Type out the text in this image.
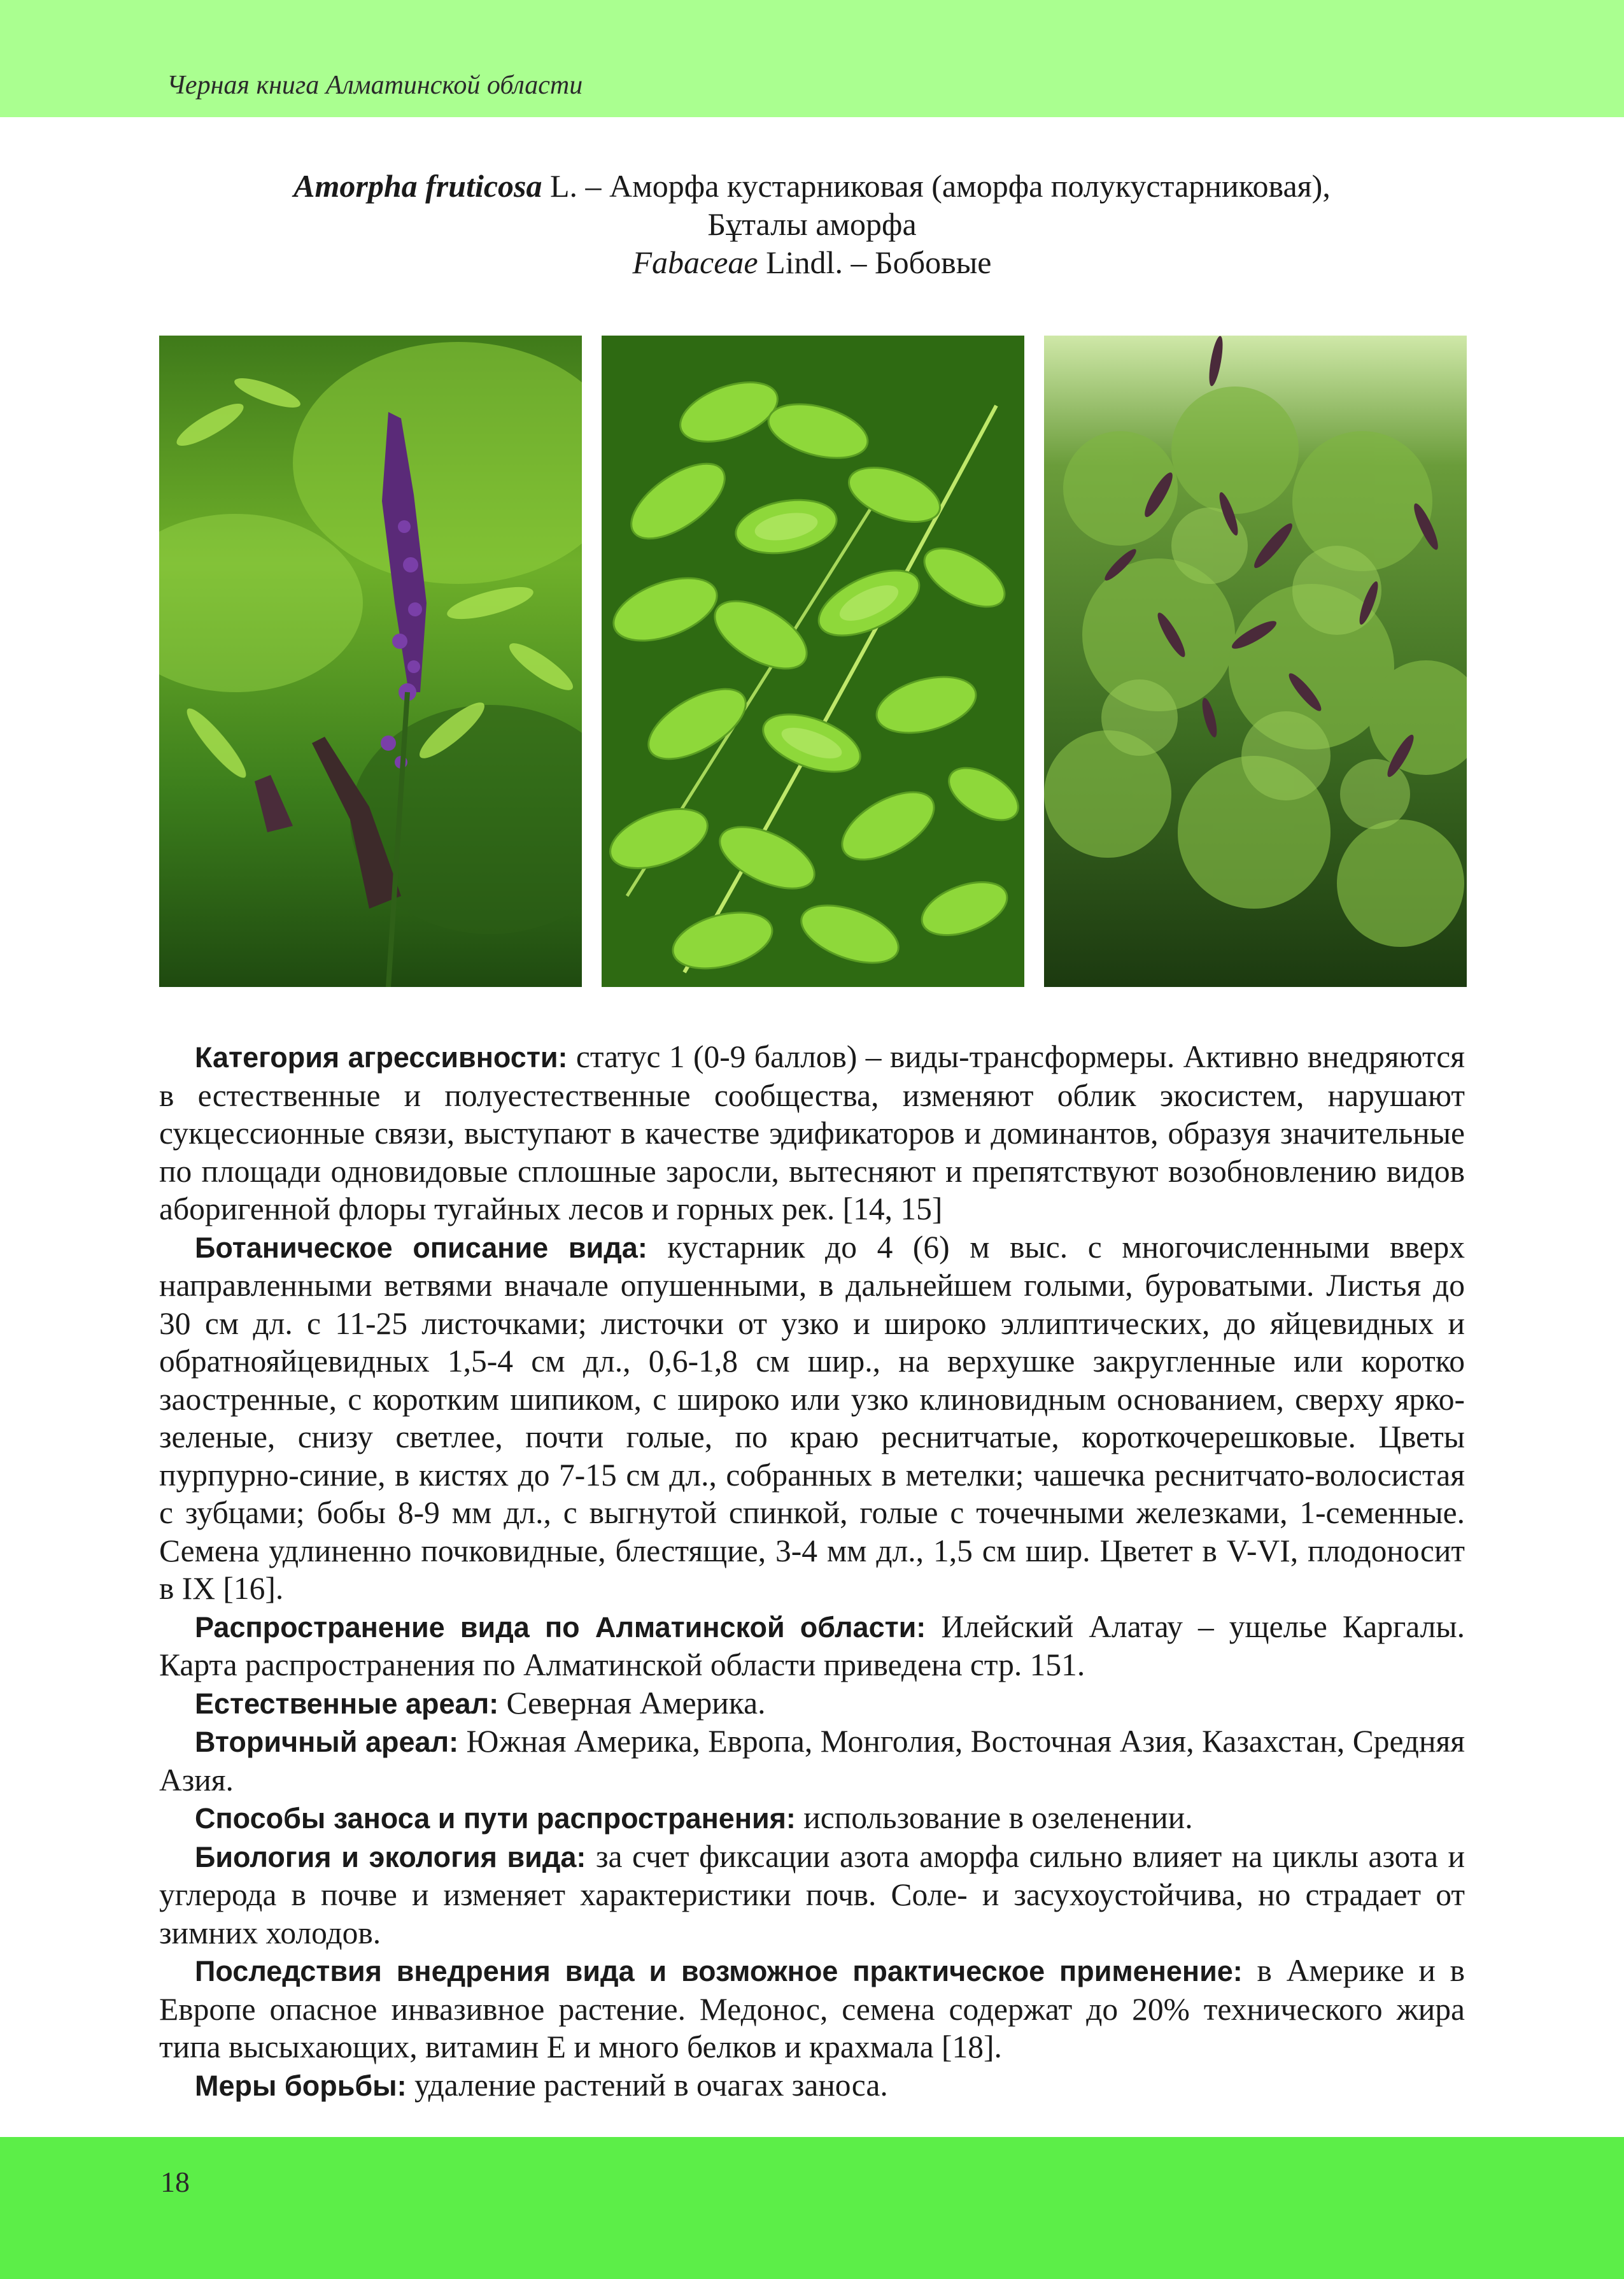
Черная книга Алматинской области
Amorpha fruticosa L. – Аморфа кустарниковая (аморфа полукустарниковая),
Бұталы аморфа
Fabaceae Lindl. – Бобовые

Категория агрессивности: статус 1 (0-9 баллов) – виды-трансформеры. Активно внедряются в естественные и полуестественные сообщества, изменяют облик экосистем, нарушают сукцессионные связи, выступают в качестве эдификаторов и доминантов, образуя значительные по площади одновидовые сплошные заросли, вытесняют и препятствуют возобновлению видов аборигенной флоры тугайных лесов и горных рек. [14, 15]

Ботаническое описание вида: кустарник до 4 (6) м выс. с многочисленными вверх направленными ветвями вначале опушенными, в дальнейшем голыми, буроватыми. Листья до 30 см дл. с 11-25 листочками; листочки от узко и широко эллиптических, до яйцевидных и обратнояйцевидных 1,5-4 см дл., 0,6-1,8 см шир., на верхушке закругленные или коротко заостренные, с коротким шипиком, с широко или узко клиновидным основанием, сверху ярко-зеленые, снизу светлее, почти голые, по краю реснитчатые, короткочерешковые. Цветы пурпурно-синие, в кистях до 7-15 см дл., собранных в метелки; чашечка реснитчато-волосистая с зубцами; бобы 8-9 мм дл., с выгнутой спинкой, голые с точечными железками, 1-семенные. Семена удлиненно почковидные, блестящие, 3-4 мм дл., 1,5 см шир. Цветет в V-VI, плодоносит в IX [16].

Распространение вида по Алматинской области: Илейский Алатау – ущелье Каргалы. Карта распространения по Алматинской области приведена стр. 151.

Естественные ареал: Северная Америка.

Вторичный ареал: Южная Америка, Европа, Монголия, Восточная Азия, Казахстан, Средняя Азия.

Способы заноса и пути распространения: использование в озеленении.

Биология и экология вида: за счет фиксации азота аморфа сильно влияет на циклы азота и углерода в почве и изменяет характеристики почв. Соле- и засухоустойчива, но страдает от зимних холодов.

Последствия внедрения вида и возможное практическое применение: в Америке и в Европе опасное инвазивное растение. Медонос, семена содержат до 20% технического жира типа высыхающих, витамин E и много белков и крахмала [18].

Меры борьбы: удаление растений в очагах заноса.

18
